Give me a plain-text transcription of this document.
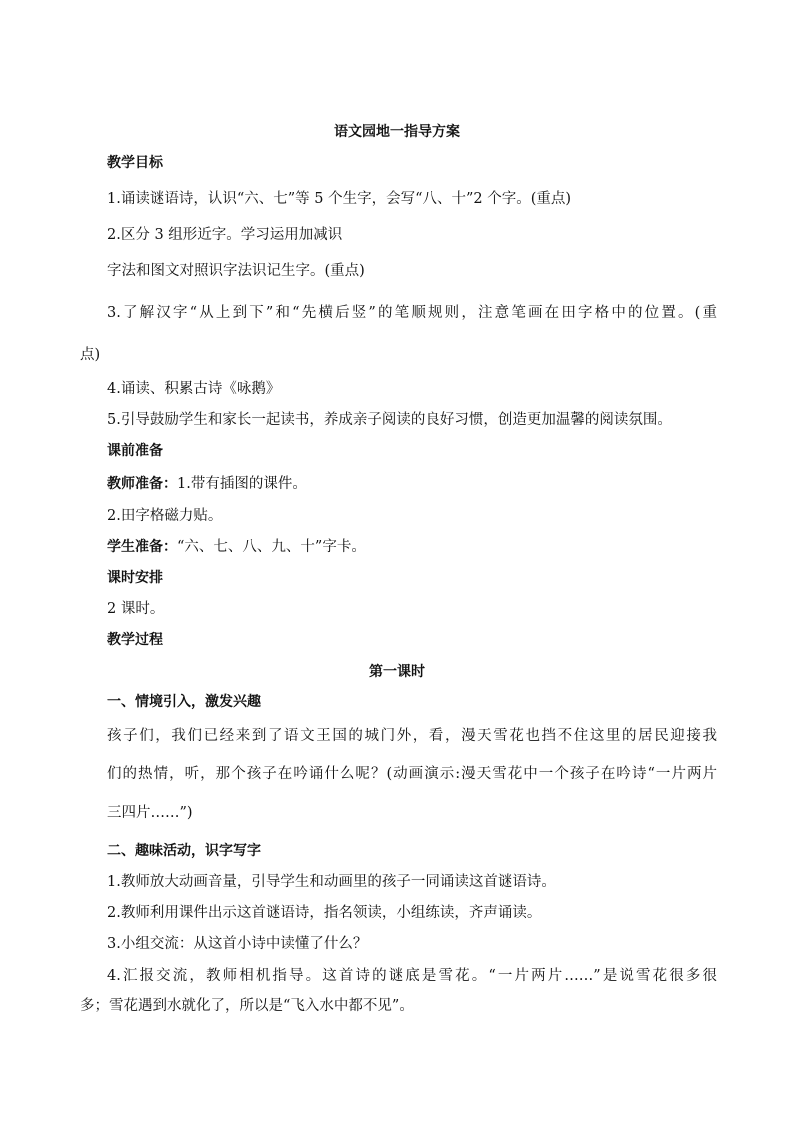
语文园地一指导方案
教学目标
1.诵读谜语诗，认识“六、七”等 5 个生字，会写“八、十”2 个字。(重点)
2.区分 3 组形近字。学习运用加减识
字法和图文对照识字法识记生字。(重点)
3.了解汉字“从上到下”和“先横后竖”的笔顺规则，注意笔画在田字格中的位置。(重
点)
4.诵读、积累古诗《咏鹅》
5.引导鼓励学生和家长一起读书，养成亲子阅读的良好习惯，创造更加温馨的阅读氛围。
课前准备
教师准备：1.带有插图的课件。
2.田字格磁力贴。
学生准备：“六、七、八、九、十”字卡。
课时安排
2 课时。
教学过程
第一课时
一、情境引入，激发兴趣
孩子们，我们已经来到了语文王国的城门外，看，漫天雪花也挡不住这里的居民迎接我
们的热情，听，那个孩子在吟诵什么呢？(动画演示:漫天雪花中一个孩子在吟诗“一片两片
三四片……”)
二、趣味活动，识字写字
1.教师放大动画音量，引导学生和动画里的孩子一同诵读这首谜语诗。
2.教师利用课件出示这首谜语诗，指名领读，小组练读，齐声诵读。
3.小组交流：从这首小诗中读懂了什么？
4.汇报交流，教师相机指导。这首诗的谜底是雪花。“一片两片……”是说雪花很多很
多；雪花遇到水就化了，所以是“飞入水中都不见”。
